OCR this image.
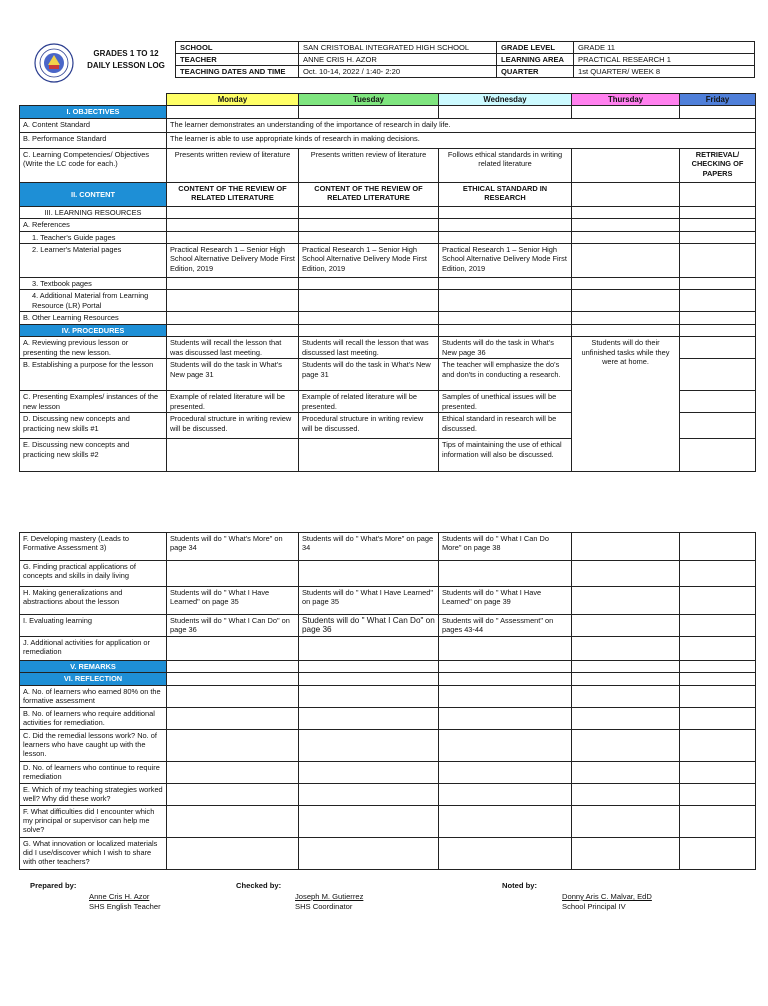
GRADES 1 TO 12
DAILY LESSON LOG
SCHOOL	SAN CRISTOBAL INTEGRATED HIGH SCHOOL	GRADE LEVEL	GRADE 11
TEACHER	ANNE CRIS H. AZOR	LEARNING AREA	PRACTICAL RESEARCH 1
TEACHING DATES AND TIME	Oct. 10-14, 2022 / 1:40- 2:20	QUARTER	1st QUARTER/ WEEK 8
	Monday	Tuesday	Wednesday	Thursday	Friday
I. OBJECTIVES					
A. Content Standard	The learner demonstrates an understanding of the importance of research in daily life.				
B. Performance Standard	The learner is able to use appropriate kinds of research in making decisions.				
C. Learning Competencies/ Objectives (Write the LC code for each.)	Presents written review of literature	Presents written review of literature	Follows ethical standards in writing related literature		RETRIEVAL/ CHECKING OF PAPERS
II. CONTENT	CONTENT OF THE REVIEW OF RELATED LITERATURE	CONTENT OF THE REVIEW OF RELATED LITERATURE	ETHICAL STANDARD IN RESEARCH		
III. LEARNING RESOURCES					
A. References					
1. Teacher's Guide pages					
2. Learner's Material pages	Practical Research 1 – Senior High School Alternative Delivery Mode First Edition, 2019	Practical Research 1 – Senior High School Alternative Delivery Mode First Edition, 2019	Practical Research 1 – Senior High School Alternative Delivery Mode First Edition, 2019		
3. Textbook pages					
4. Additional Material from Learning Resource (LR) Portal					
B. Other Learning Resources					
IV. PROCEDURES					
A. Reviewing previous lesson or presenting the new lesson.	Students will recall the lesson that was discussed last meeting.	Students will recall the lesson that was discussed last meeting.	Students will do the task in What's New page 36	Students will do their unfinished tasks while they were at home.	
B. Establishing a purpose for the lesson	Students will do the task in What's New page 31	Students will do the task in What's New page 31	The teacher will emphasize the do's and don'ts in conducting a research.		
C. Presenting Examples/ instances of the new lesson	Example of related literature will be presented.	Example of related literature will be presented.	Samples of unethical issues will be presented.		
D. Discussing new concepts and practicing new skills #1	Procedural structure in writing review will be discussed.	Procedural structure in writing review will be discussed.	Ethical standard in research will be discussed.		
E. Discussing new concepts and practicing new skills #2			Tips of maintaining the use of ethical information will also be discussed.		
F. Developing mastery (Leads to Formative Assessment 3)	Students will do " What's More" on page 34	Students will do " What's More" on page 34	Students will do " What I Can Do More" on page 38		
G. Finding practical applications of concepts and skills in daily living					
H. Making generalizations and abstractions about the lesson	Students will do " What I Have Learned" on page 35	Students will do " What I Have Learned" on page 35	Students will do " What I Have Learned" on page 39		
I. Evaluating learning	Students will do " What I Can Do" on page 36	Students will do " What I Can Do" on page 36	Students will do " Assessment" on pages 43-44		
J. Additional activities for application or remediation					
V. REMARKS					
VI. REFLECTION					
A. No. of learners who earned 80% on the formative assessment					
B. No. of learners who require additional activities for remediation.					
C. Did the remedial lessons work? No. of learners who have caught up with the lesson.					
D. No. of learners who continue to require remediation					
E. Which of my teaching strategies worked well? Why did these work?					
F. What difficulties did I encounter which my principal or supervisor can help me solve?					
G. What innovation or localized materials did I use/discover which I wish to share with other teachers?					
Prepared by:
Anne Cris H. Azor
SHS English Teacher
Checked by:
Joseph M. Gutierrez
SHS Coordinator
Noted by:
Donny Aris C. Malvar, EdD
School Principal IV
